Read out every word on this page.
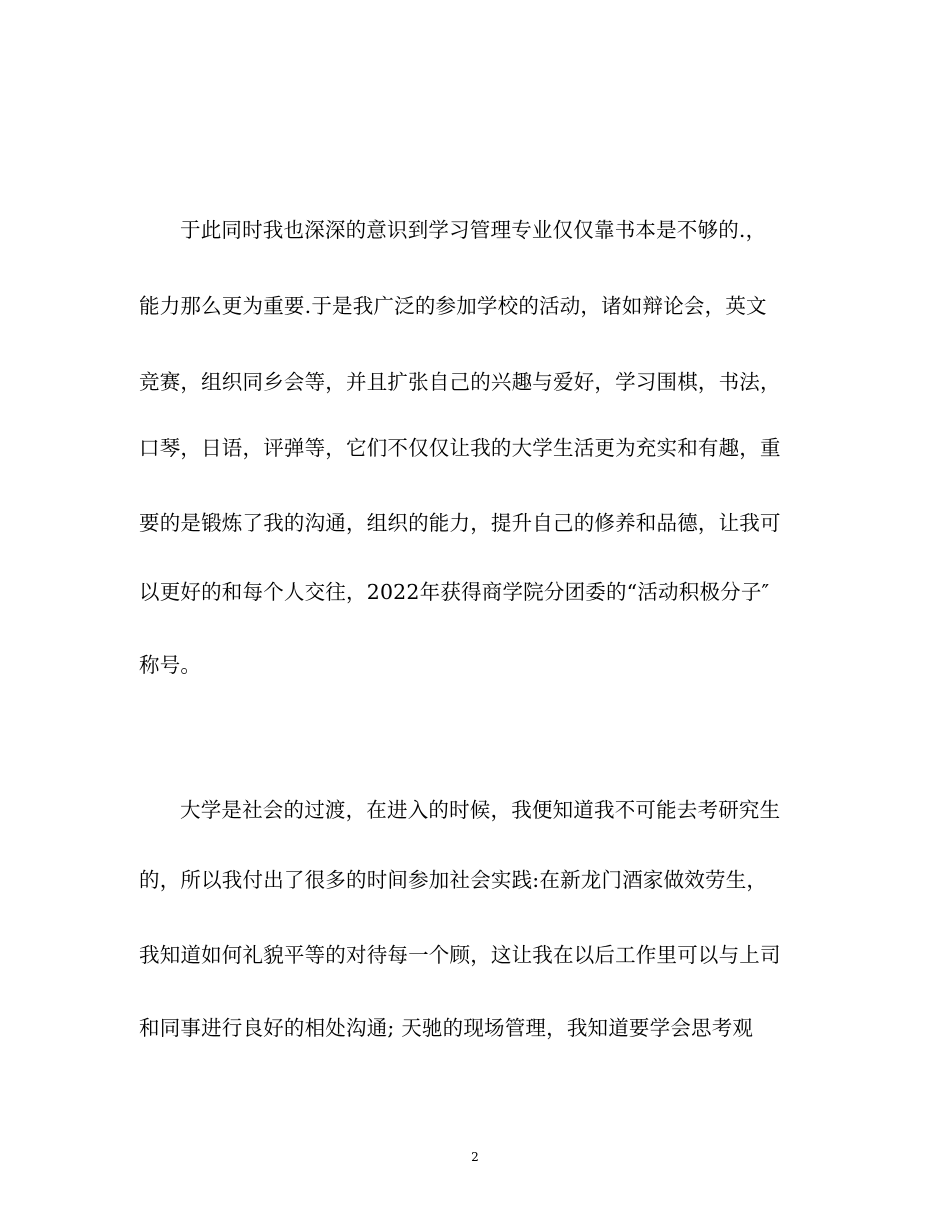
于此同时我也深深的意识到学习管理专业仅仅靠书本是不够的.，
能力那么更为重要.于是我广泛的参加学校的活动，诸如辩论会，英文
竞赛，组织同乡会等，并且扩张自己的兴趣与爱好，学习围棋，书法，
口琴，日语，评弹等，它们不仅仅让我的大学生活更为充实和有趣，重
要的是锻炼了我的沟通，组织的能力，提升自己的修养和品德，让我可
以更好的和每个人交往，2022年获得商学院分团委的“活动积极分子″
称号。
大学是社会的过渡，在进入的时候，我便知道我不可能去考研究生
的，所以我付出了很多的时间参加社会实践:在新龙门酒家做效劳生，
我知道如何礼貌平等的对待每一个顾，这让我在以后工作里可以与上司
和同事进行良好的相处沟通; 天驰的现场管理，我知道要学会思考观
2
